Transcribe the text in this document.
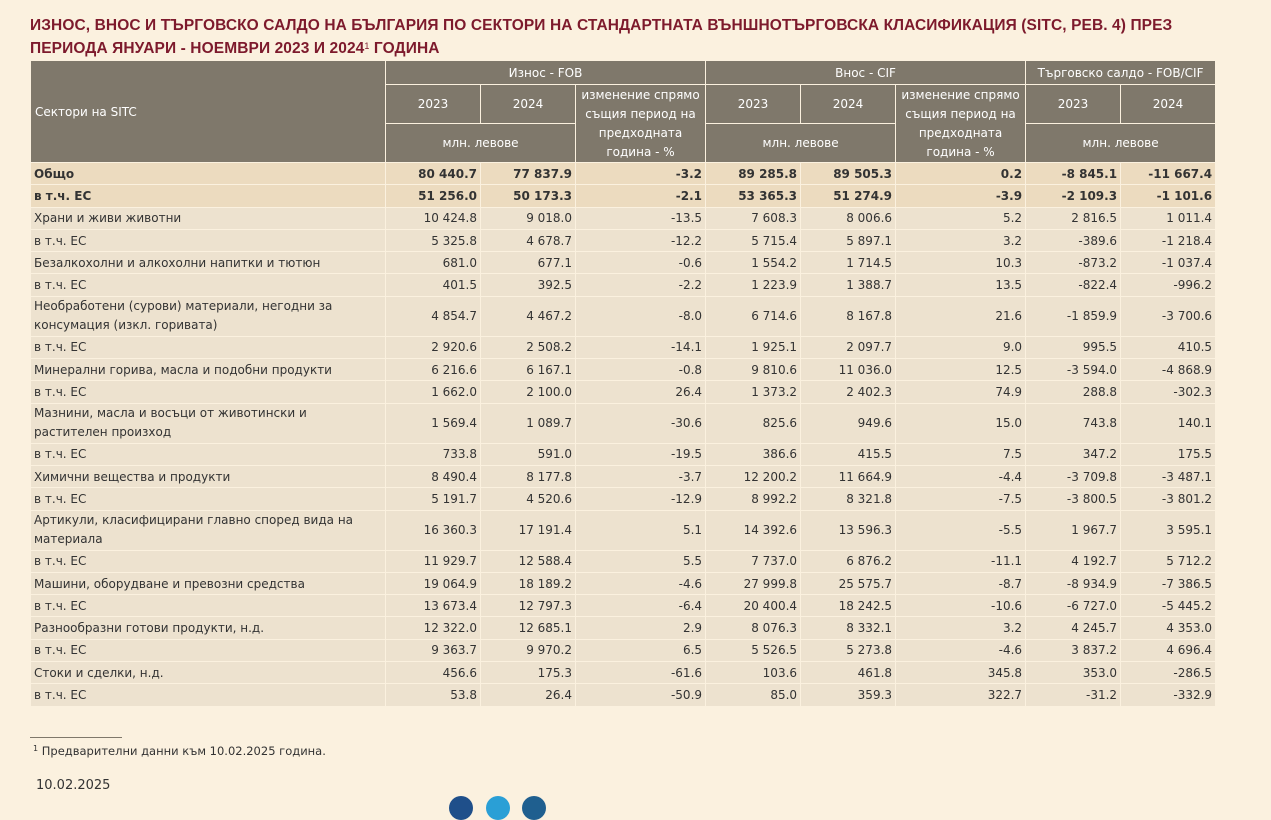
ИЗНОС, ВНОС И ТЪРГОВСКО САЛДО НА БЪЛГАРИЯ ПО СЕКТОРИ НА СТАНДАРТНАТА ВЪНШНОТЪРГОВСКА КЛАСИФИКАЦИЯ (SITC, РЕВ. 4) ПРЕЗ ПЕРИОДА ЯНУАРИ - НОЕМВРИ 2023 И 2024$^1$ ГОДИНА
Сектори на SITC	Износ - FOB			Внос - CIF			Търговско салдо - FOB/CIF	
	2023	2024	изменение спрямо същия период на предходната година - %	2023	2024	изменение спрямо същия период на предходната година - %	2023	2024
	млн. левове			млн. левове			млн. левове	
Общо	80 440.7	77 837.9	-3.2	89 285.8	89 505.3	0.2	-8 845.1	-11 667.4
в т.ч. ЕС	51 256.0	50 173.3	-2.1	53 365.3	51 274.9	-3.9	-2 109.3	-1 101.6
Храни и живи животни	10 424.8	9 018.0	-13.5	7 608.3	8 006.6	5.2	2 816.5	1 011.4
в т.ч. ЕС	5 325.8	4 678.7	-12.2	5 715.4	5 897.1	3.2	-389.6	-1 218.4
Безалкохолни и алкохолни напитки и тютюн	681.0	677.1	-0.6	1 554.2	1 714.5	10.3	-873.2	-1 037.4
в т.ч. ЕС	401.5	392.5	-2.2	1 223.9	1 388.7	13.5	-822.4	-996.2
Необработени (сурови) материали, негодни за консумация (изкл. горивата)	4 854.7	4 467.2	-8.0	6 714.6	8 167.8	21.6	-1 859.9	-3 700.6
в т.ч. ЕС	2 920.6	2 508.2	-14.1	1 925.1	2 097.7	9.0	995.5	410.5
Минерални горива, масла и подобни продукти	6 216.6	6 167.1	-0.8	9 810.6	11 036.0	12.5	-3 594.0	-4 868.9
в т.ч. ЕС	1 662.0	2 100.0	26.4	1 373.2	2 402.3	74.9	288.8	-302.3
Мазнини, масла и восъци от животински и растителен произход	1 569.4	1 089.7	-30.6	825.6	949.6	15.0	743.8	140.1
в т.ч. ЕС	733.8	591.0	-19.5	386.6	415.5	7.5	347.2	175.5
Химични вещества и продукти	8 490.4	8 177.8	-3.7	12 200.2	11 664.9	-4.4	-3 709.8	-3 487.1
в т.ч. ЕС	5 191.7	4 520.6	-12.9	8 992.2	8 321.8	-7.5	-3 800.5	-3 801.2
Артикули, класифицирани главно според вида на материала	16 360.3	17 191.4	5.1	14 392.6	13 596.3	-5.5	1 967.7	3 595.1
в т.ч. ЕС	11 929.7	12 588.4	5.5	7 737.0	6 876.2	-11.1	4 192.7	5 712.2
Машини, оборудване и превозни средства	19 064.9	18 189.2	-4.6	27 999.8	25 575.7	-8.7	-8 934.9	-7 386.5
в т.ч. ЕС	13 673.4	12 797.3	-6.4	20 400.4	18 242.5	-10.6	-6 727.0	-5 445.2
Разнообразни готови продукти, н.д.	12 322.0	12 685.1	2.9	8 076.3	8 332.1	3.2	4 245.7	4 353.0
в т.ч. ЕС	9 363.7	9 970.2	6.5	5 526.5	5 273.8	-4.6	3 837.2	4 696.4
Стоки и сделки, н.д.	456.6	175.3	-61.6	103.6	461.8	345.8	353.0	-286.5
в т.ч. ЕС	53.8	26.4	-50.9	85.0	359.3	322.7	-31.2	-332.9
$^1$ Предварителни данни към 10.02.2025 година.
10.02.2025
